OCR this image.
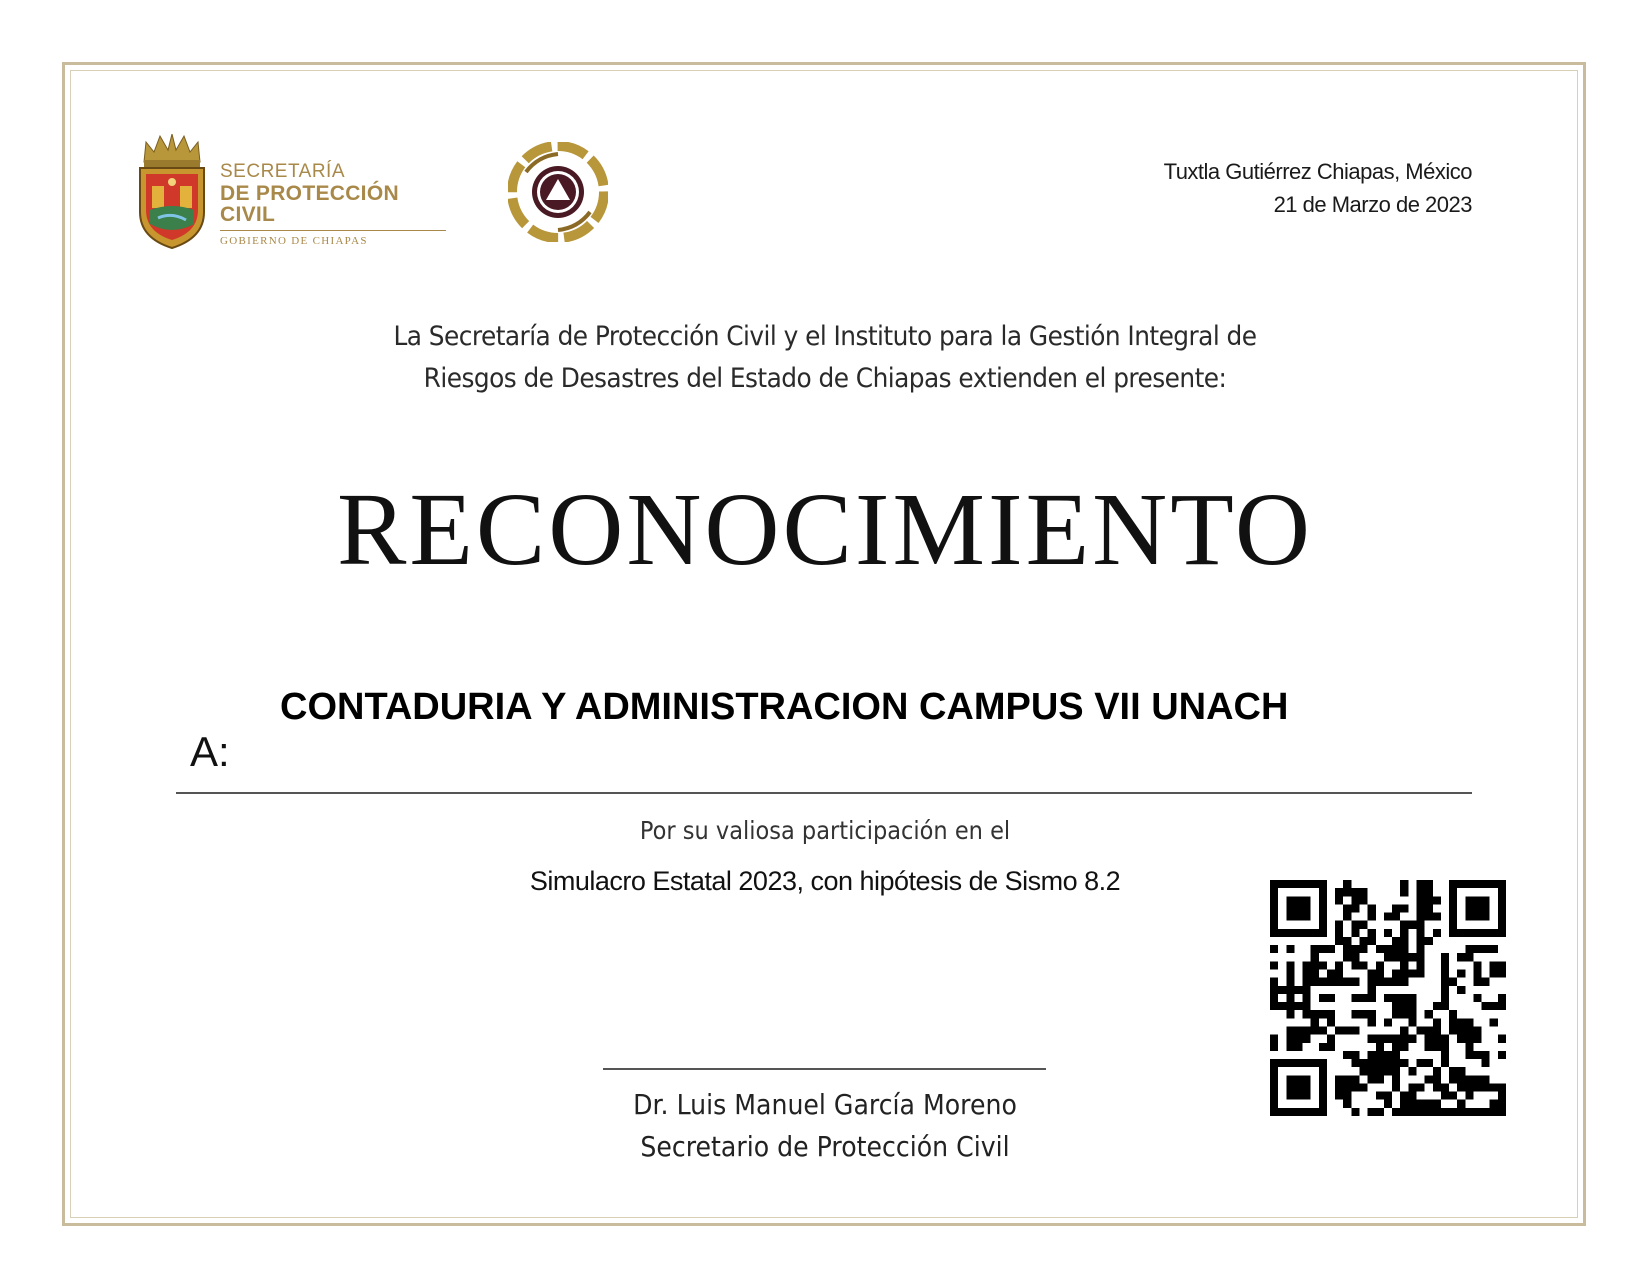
SECRETARÍA
DE PROTECCIÓN CIVIL
GOBIERNO DE CHIAPAS
Tuxtla Gutiérrez Chiapas, México
21 de Marzo de 2023
La Secretaría de Protección Civil y el Instituto para la Gestión Integral de
Riesgos de Desastres del Estado de Chiapas extienden el presente:
RECONOCIMIENTO
CONTADURIA Y ADMINISTRACION CAMPUS VII UNACH
A:
Por su valiosa participación en el
Simulacro Estatal 2023, con hipótesis de Sismo 8.2
Dr. Luis Manuel García Moreno
Secretario de Protección Civil
